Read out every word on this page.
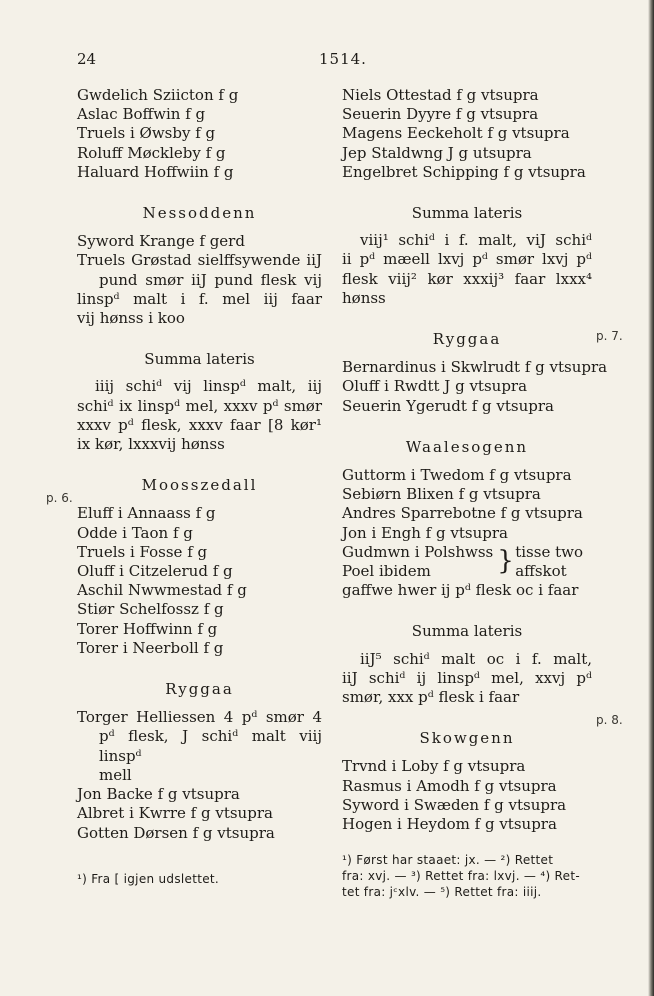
24	1514.
p. 6.
p. 7.
p. 8.
Gwdelich Sziicton f g
Aslac Boffwin f g
Truels i Øwsby f g
Roluff Møckleby f g
Haluard Hoffwiin f g
Nessoddenn
Syword Krange f gerd
Truels Grøstad sielffsywende iiJ
pund smør iiJ pund flesk vij
linspᵈ malt i f. mel iij faar
vij hønss i koo
Summa lateris
iiij schiᵈ vij linspᵈ malt, iij
schiᵈ ix linspᵈ mel, xxxv pᵈ smør
xxxv pᵈ flesk, xxxv faar [8 kør¹
ix kør, lxxxvij hønss
Moosszedall
Eluff i Annaass f g
Odde i Taon f g
Truels i Fosse f g
Oluff i Citzelerud f g
Aschil Nwwmestad f g
Stiør Schelfossz f g
Torer Hoffwinn f g
Torer i Neerboll f g
Ryggaa
Torger Helliessen 4 pᵈ smør 4
pᵈ flesk, J schiᵈ malt viij linspᵈ
mell
Jon Backe f g vtsupra
Albret i Kwrre f g vtsupra
Gotten Dørsen f g vtsupra
¹) Fra [ igjen udslettet.
Niels Ottestad f g vtsupra
Seuerin Dyyre f g vtsupra
Magens Eeckeholt f g vtsupra
Jep Staldwng J g utsupra
Engelbret Schipping f g vtsupra
Summa lateris
viij¹ schiᵈ i f. malt, viJ schiᵈ
ii pᵈ mæell lxvj pᵈ smør lxvj pᵈ
flesk viij² kør xxxij³ faar lxxx⁴
hønss
Ryggaa
Bernardinus i Skwlrudt f g vtsupra
Oluff i Rwdtt J g vtsupra
Seuerin Ygerudt f g vtsupra
Waalesogenn
Guttorm i Twedom f g vtsupra
Sebiørn Blixen f g vtsupra
Andres Sparrebotne f g vtsupra
Jon i Engh f g vtsupra
Gudmwn i Polshwss
Poel ibidem	} tisse two
affskot
gaffwe hwer ij pᵈ flesk oc i faar
Summa lateris
iiJ⁵ schiᵈ malt oc i f. malt,
iiJ schiᵈ ij linspᵈ mel, xxvj pᵈ
smør, xxx pᵈ flesk i faar
Skowgenn
Trvnd i Loby f g vtsupra
Rasmus i Amodh f g vtsupra
Syword i Swæden f g vtsupra
Hogen i Heydom f g vtsupra
¹) Først har staaet: jx. — ²) Rettet
fra: xvj. — ³) Rettet fra: lxvj. — ⁴) Ret-
tet fra: jᶜxlv. — ⁵) Rettet fra: iiij.
